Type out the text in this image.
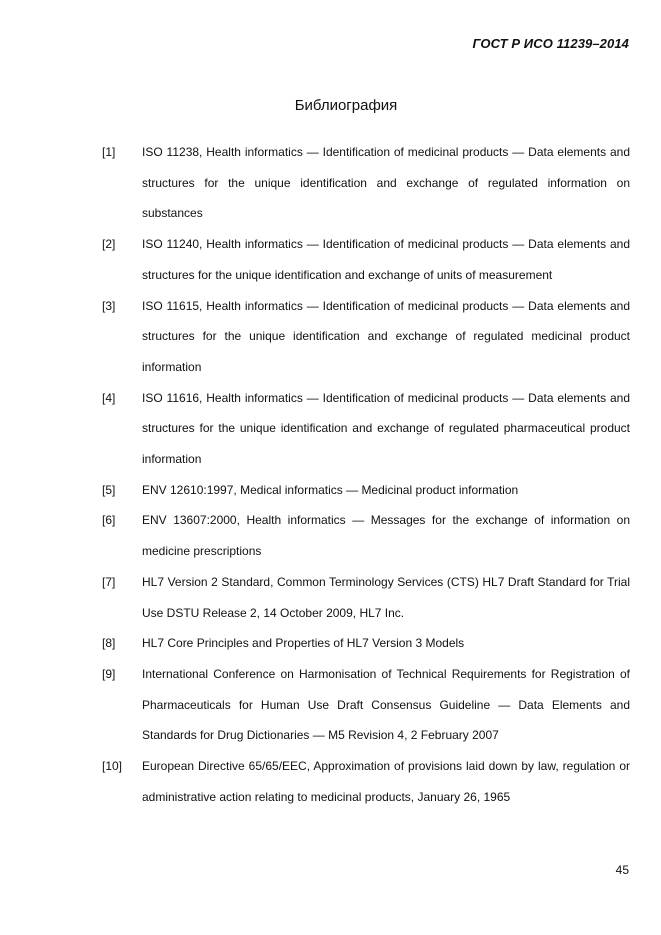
ГОСТ Р ИСО 11239–2014
Библиография
[1]	ISO 11238, Health informatics — Identification of medicinal products — Data elements and structures for the unique identification and exchange of regulated information on substances
[2]	ISO 11240, Health informatics — Identification of medicinal products — Data elements and structures for the unique identification and exchange of units of measurement
[3]	ISO 11615, Health informatics — Identification of medicinal products — Data elements and structures for the unique identification and exchange of regulated medicinal product information
[4]	ISO 11616, Health informatics — Identification of medicinal products — Data elements and structures for the unique identification and exchange of regulated pharmaceutical product information
[5]	ENV 12610:1997, Medical informatics — Medicinal product information
[6]	ENV 13607:2000, Health informatics — Messages for the exchange of information on medicine prescriptions
[7]	HL7 Version 2 Standard, Common Terminology Services (CTS) HL7 Draft Standard for Trial Use DSTU Release 2, 14 October 2009, HL7 Inc.
[8]	HL7 Core Principles and Properties of HL7 Version 3 Models
[9]	International Conference on Harmonisation of Technical Requirements for Registration of Pharmaceuticals for Human Use Draft Consensus Guideline — Data Elements and Standards for Drug Dictionaries — M5 Revision 4, 2 February 2007
[10]	European Directive 65/65/EEC, Approximation of provisions laid down by law, regulation or administrative action relating to medicinal products, January 26, 1965
45
